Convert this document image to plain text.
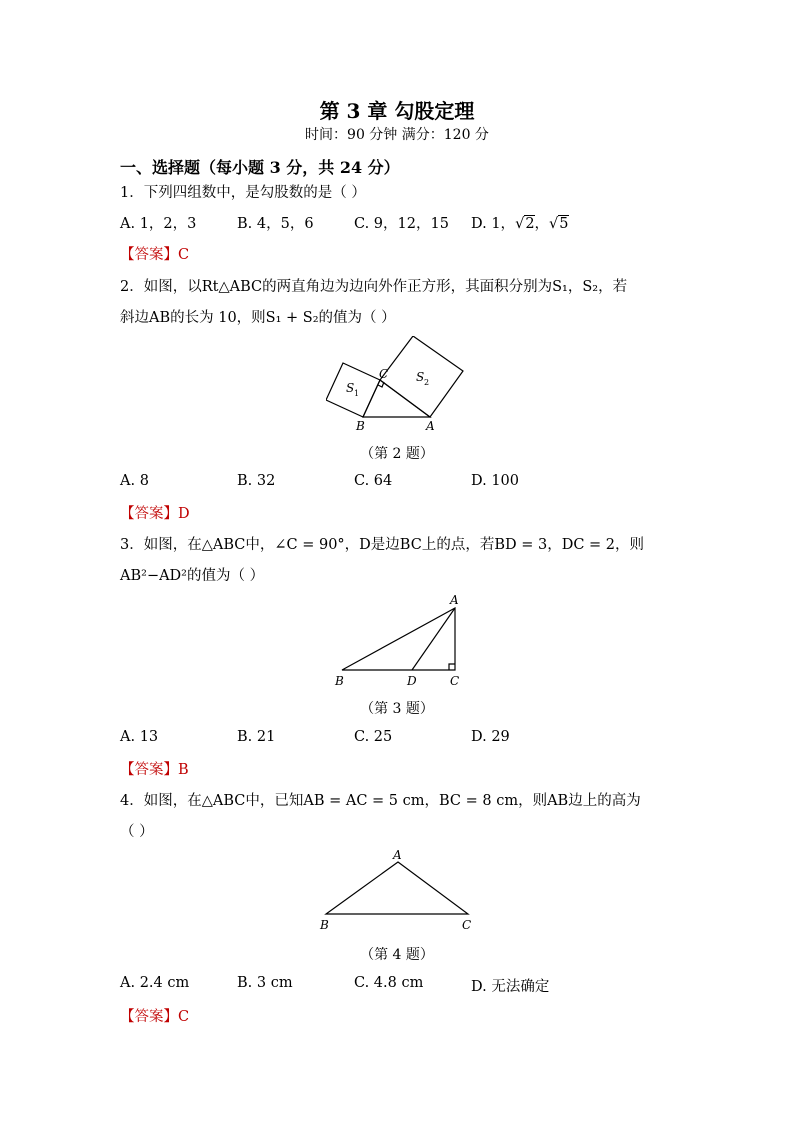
第 3 章 勾股定理
时间：90 分钟 满分：120 分
一、选择题（每小题 3 分，共 24 分）
1．下列四组数中，是勾股数的是（ ）
A. 1，2，3	B. 4，5，6	C. 9，12，15 D. 1，√2，√5
【答案】C
2．如图，以Rt△ABC的两直角边为边向外作正方形，其面积分别为S₁，S₂，若
斜边AB的长为 10，则S₁ + S₂的值为（ ）
S 1
S 2
C
B	A
（第 2 题）
A. 8	B. 32	C. 64	D. 100
【答案】D
3．如图，在△ABC中，∠C = 90°，D是边BC上的点，若BD = 3，DC = 2，则
AB²−AD²的值为（ ）
A
B	D	C
（第 3 题）
A. 13	B. 21	C. 25	D. 29
【答案】B
4．如图，在△ABC中，已知AB = AC = 5 cm，BC = 8 cm，则AB边上的高为
（ ）
A
B	C
（第 4 题）
A. 2.4 cm	B. 3 cm	C. 4.8 cm	D. 无法确定
【答案】C
